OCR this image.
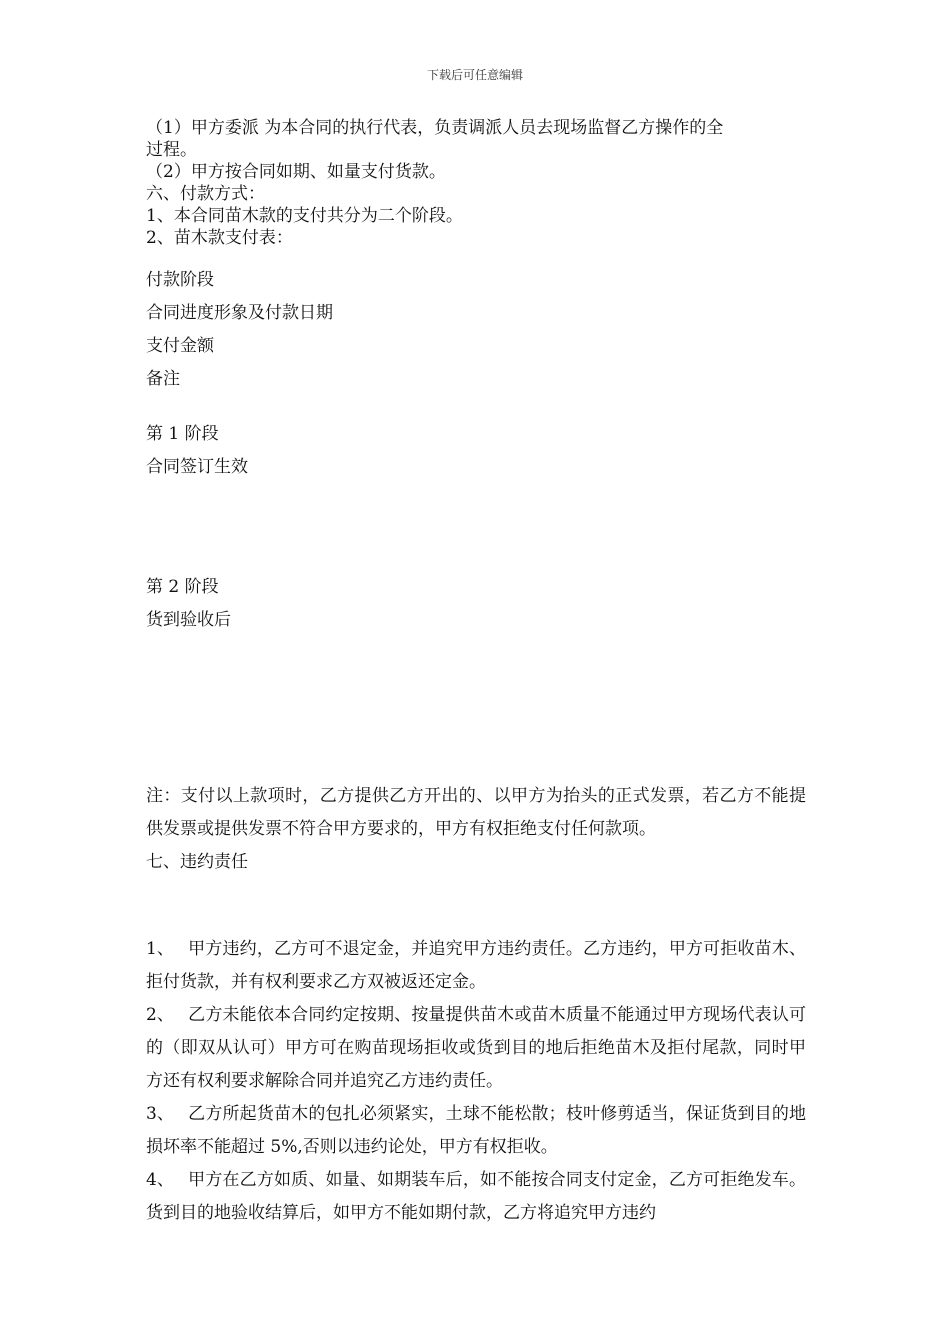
下载后可任意编辑
（1）甲方委派 为本合同的执行代表，负责调派人员去现场监督乙方操作的全
过程。
（2）甲方按合同如期、如量支付货款。
六、付款方式：
1、本合同苗木款的支付共分为二个阶段。
2、苗木款支付表：
付款阶段
合同进度形象及付款日期
支付金额
备注
第 1 阶段
合同签订生效
第 2 阶段
货到验收后
注：支付以上款项时，乙方提供乙方开出的、以甲方为抬头的正式发票，若乙方不能提供发票或提供发票不符合甲方要求的，甲方有权拒绝支付任何款项。
七、违约责任
1、 甲方违约，乙方可不退定金，并追究甲方违约责任。乙方违约，甲方可拒收苗木、拒付货款，并有权利要求乙方双被返还定金。
2、 乙方未能依本合同约定按期、按量提供苗木或苗木质量不能通过甲方现场代表认可的（即双从认可）甲方可在购苗现场拒收或货到目的地后拒绝苗木及拒付尾款，同时甲方还有权利要求解除合同并追究乙方违约责任。
3、 乙方所起货苗木的包扎必须紧实，土球不能松散；枝叶修剪适当，保证货到目的地损坏率不能超过 5%,否则以违约论处，甲方有权拒收。
4、 甲方在乙方如质、如量、如期装车后，如不能按合同支付定金，乙方可拒绝发车。货到目的地验收结算后，如甲方不能如期付款，乙方将追究甲方违约
